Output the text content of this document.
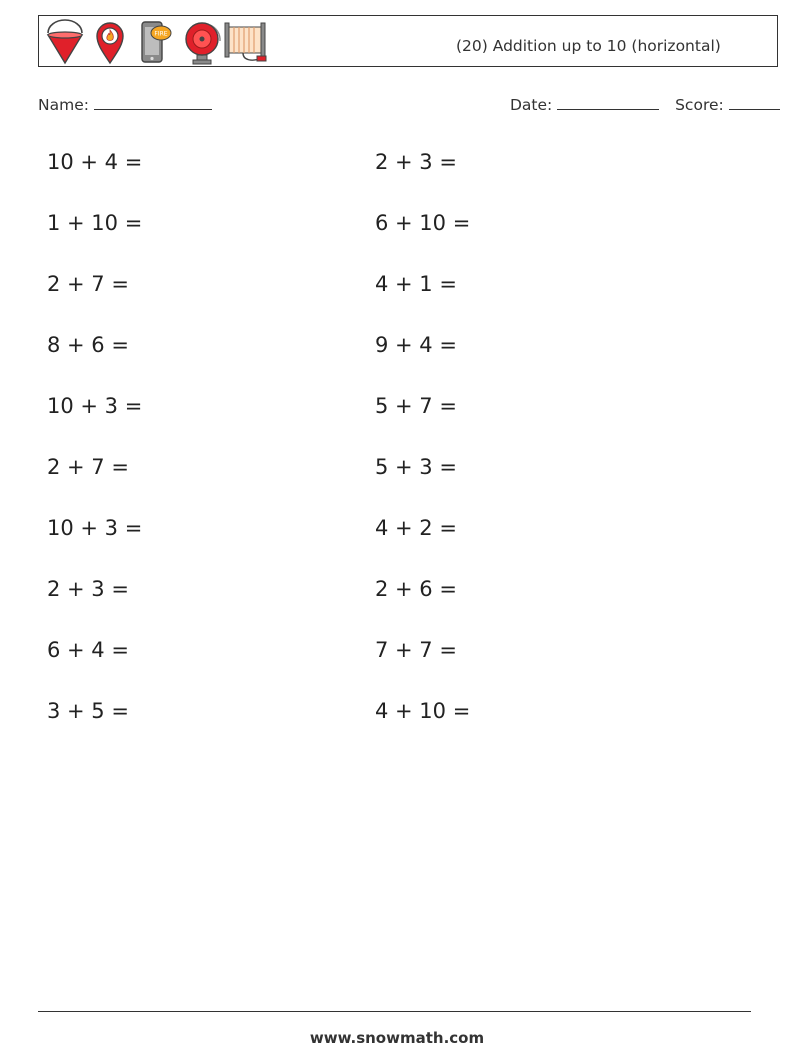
FIRE
(20) Addition up to 10 (horizontal)
Name:	Date:	Score:
10 + 4 =
1 + 10 =
2 + 7 =
8 + 6 =
10 + 3 =
2 + 7 =
10 + 3 =
2 + 3 =
6 + 4 =
3 + 5 =
2 + 3 =
6 + 10 =
4 + 1 =
9 + 4 =
5 + 7 =
5 + 3 =
4 + 2 =
2 + 6 =
7 + 7 =
4 + 10 =
www.snowmath.com
